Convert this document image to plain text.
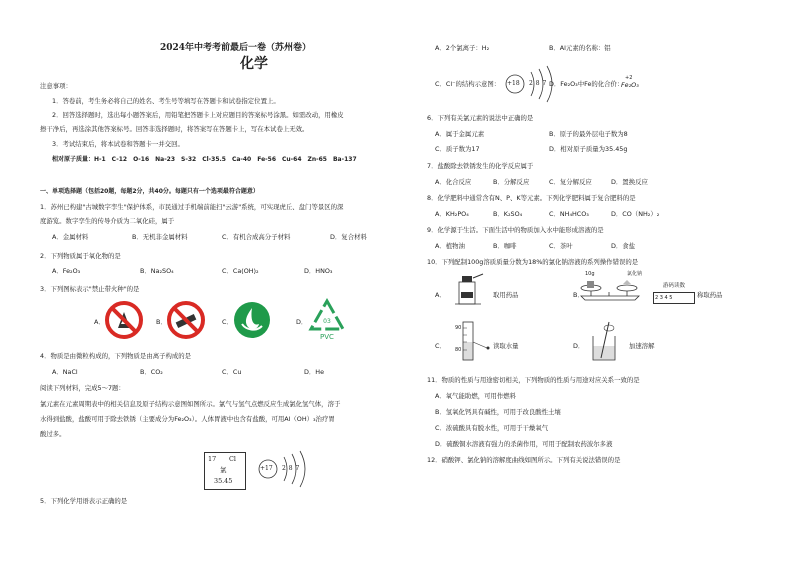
2024年中考考前最后一卷（苏州卷）
化学
注意事项：
1．答卷前，考生务必将自己的姓名、考生号等填写在答题卡和试卷指定位置上。
2．回答选择题时，选出每小题答案后，用铅笔把答题卡上对应题目的答案标号涂黑。如需改动，用橡皮
擦干净后，再选涂其他答案标号。回答非选择题时，将答案写在答题卡上，写在本试卷上无效。
3．考试结束后，将本试卷和答题卡一并交回。
相对原子质量：H-1　C-12　O-16　Na-23　S-32　Cl-35.5　Ca-40　Fe-56　Cu-64　Zn-65　Ba-137
一、单项选择题（包括20题，每题2分，共40分。每题只有一个选项最符合题意）
1．苏州已构建"古城数字孪生"保护体系，市民通过手机端前能扫"云游"系统，可实现虎丘、盘门等景区的深
度游览。数字孪生的传导介质为二氧化硅，属于
A．金属材料	B．无机非金属材料	C．有机合成高分子材料	D．复合材料
2．下列物质属于氧化物的是
A．Fe₂O₃	B．Na₂SO₄	C．Ca(OH)₂	D．HNO₃
3．下列图标表示"禁止带火种"的是
A．	B．	C．	D．	03
PVC
4．物质是由微粒构成的，下列物质是由离子构成的是
A．NaCl	B．CO₂	C．Cu	D．He
阅读下列材料，完成5～7题：
氯元素在元素周期表中的相关信息及原子结构示意图如图所示。氯气与氢气点燃反应生成氯化氢气体，溶于
水得到盐酸，盐酸可用于除去铁锈（主要成分为Fe₂O₃）。人体胃液中也含有盐酸，可用Al（OH）₃治疗胃
酸过多。
17 Cl
氯
35.45
+17 2 8 7
5．下列化学用语表示正确的是
A．2个氯离子：H₂	B．Al元素的名称：铝
C．Cl⁻的结构示意图： +18 2 8 7 D．Fe₂O₃中Fe的化合价：
+2
Fe₂O₃
6．下列有关氯元素的说法中正确的是
A．属于金属元素	B．原子的最外层电子数为8
C．质子数为17	D．相对原子质量为35.45g
7．盐酸除去铁锈发生的化学反应属于
A．化合反应	B．分解反应	C．复分解反应	D．置换反应
8．化学肥料中通常含有N、P、K等元素。下列化学肥料属于复合肥料的是
A．KH₂PO₄	B．K₂SO₄	C．NH₄HCO₃	D．CO（NH₂）₂
9．化学源于生活。下面生活中的物质加入水中能形成溶液的是
A．植物油	B．咖啡	C．茶叶	D．食盐
10．下列配制100g溶质质量分数为18%的氯化钠溶液的系列操作错误的是
A．	取用药品	B．
10g	氯化钠
游码读数
2 3 4 5	称取药品
C．
90
80	读取水量	D．	加速溶解
11．物质的性质与用途密切相关，下列物质的性质与用途对应关系一致的是
A．氧气能助燃，可用作燃料
B．氢氧化钙具有碱性，可用于改良酸性土壤
C．浓硫酸具有脱水性，可用于干燥氧气
D．硫酸铜水溶液有强力的杀菌作用，可用于配制农药波尔多液
12．硝酸钾、氯化钠的溶解度曲线如图所示。下列有关说法错误的是
